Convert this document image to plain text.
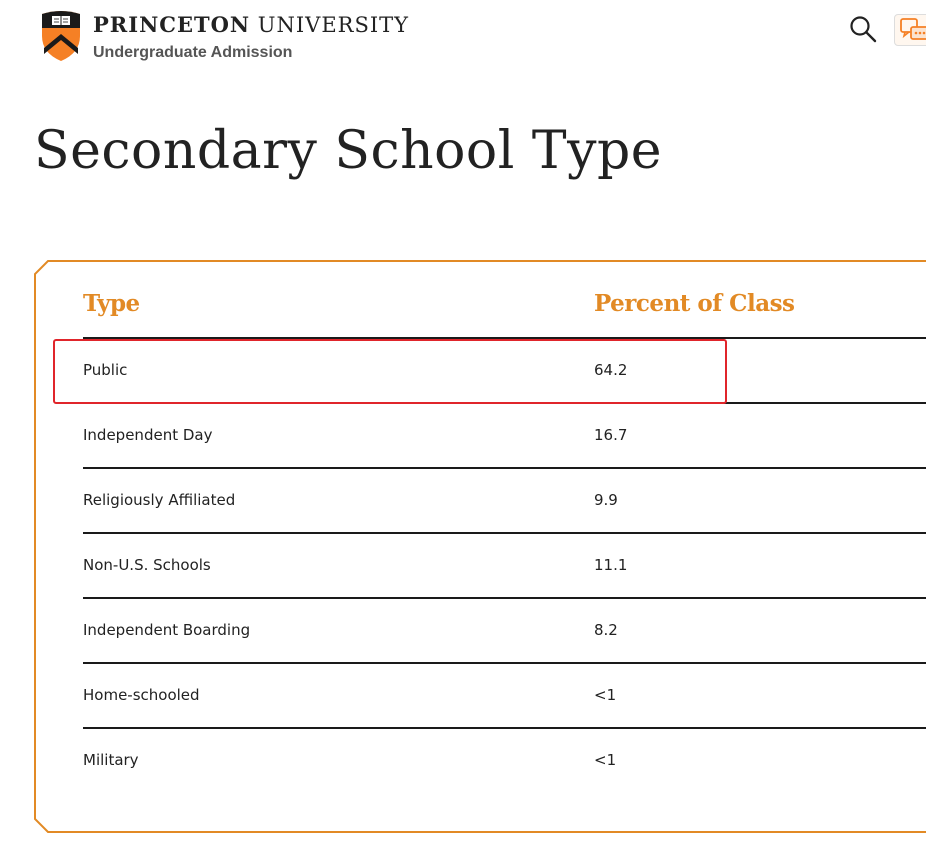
PRINCETON UNIVERSITY
Undergraduate Admission
Secondary School Type
Type	Percent of Class
Public	64.2
Independent Day	16.7
Religiously Affiliated	9.9
Non-U.S. Schools	11.1
Independent Boarding	8.2
Home-schooled	<1
Military	<1
